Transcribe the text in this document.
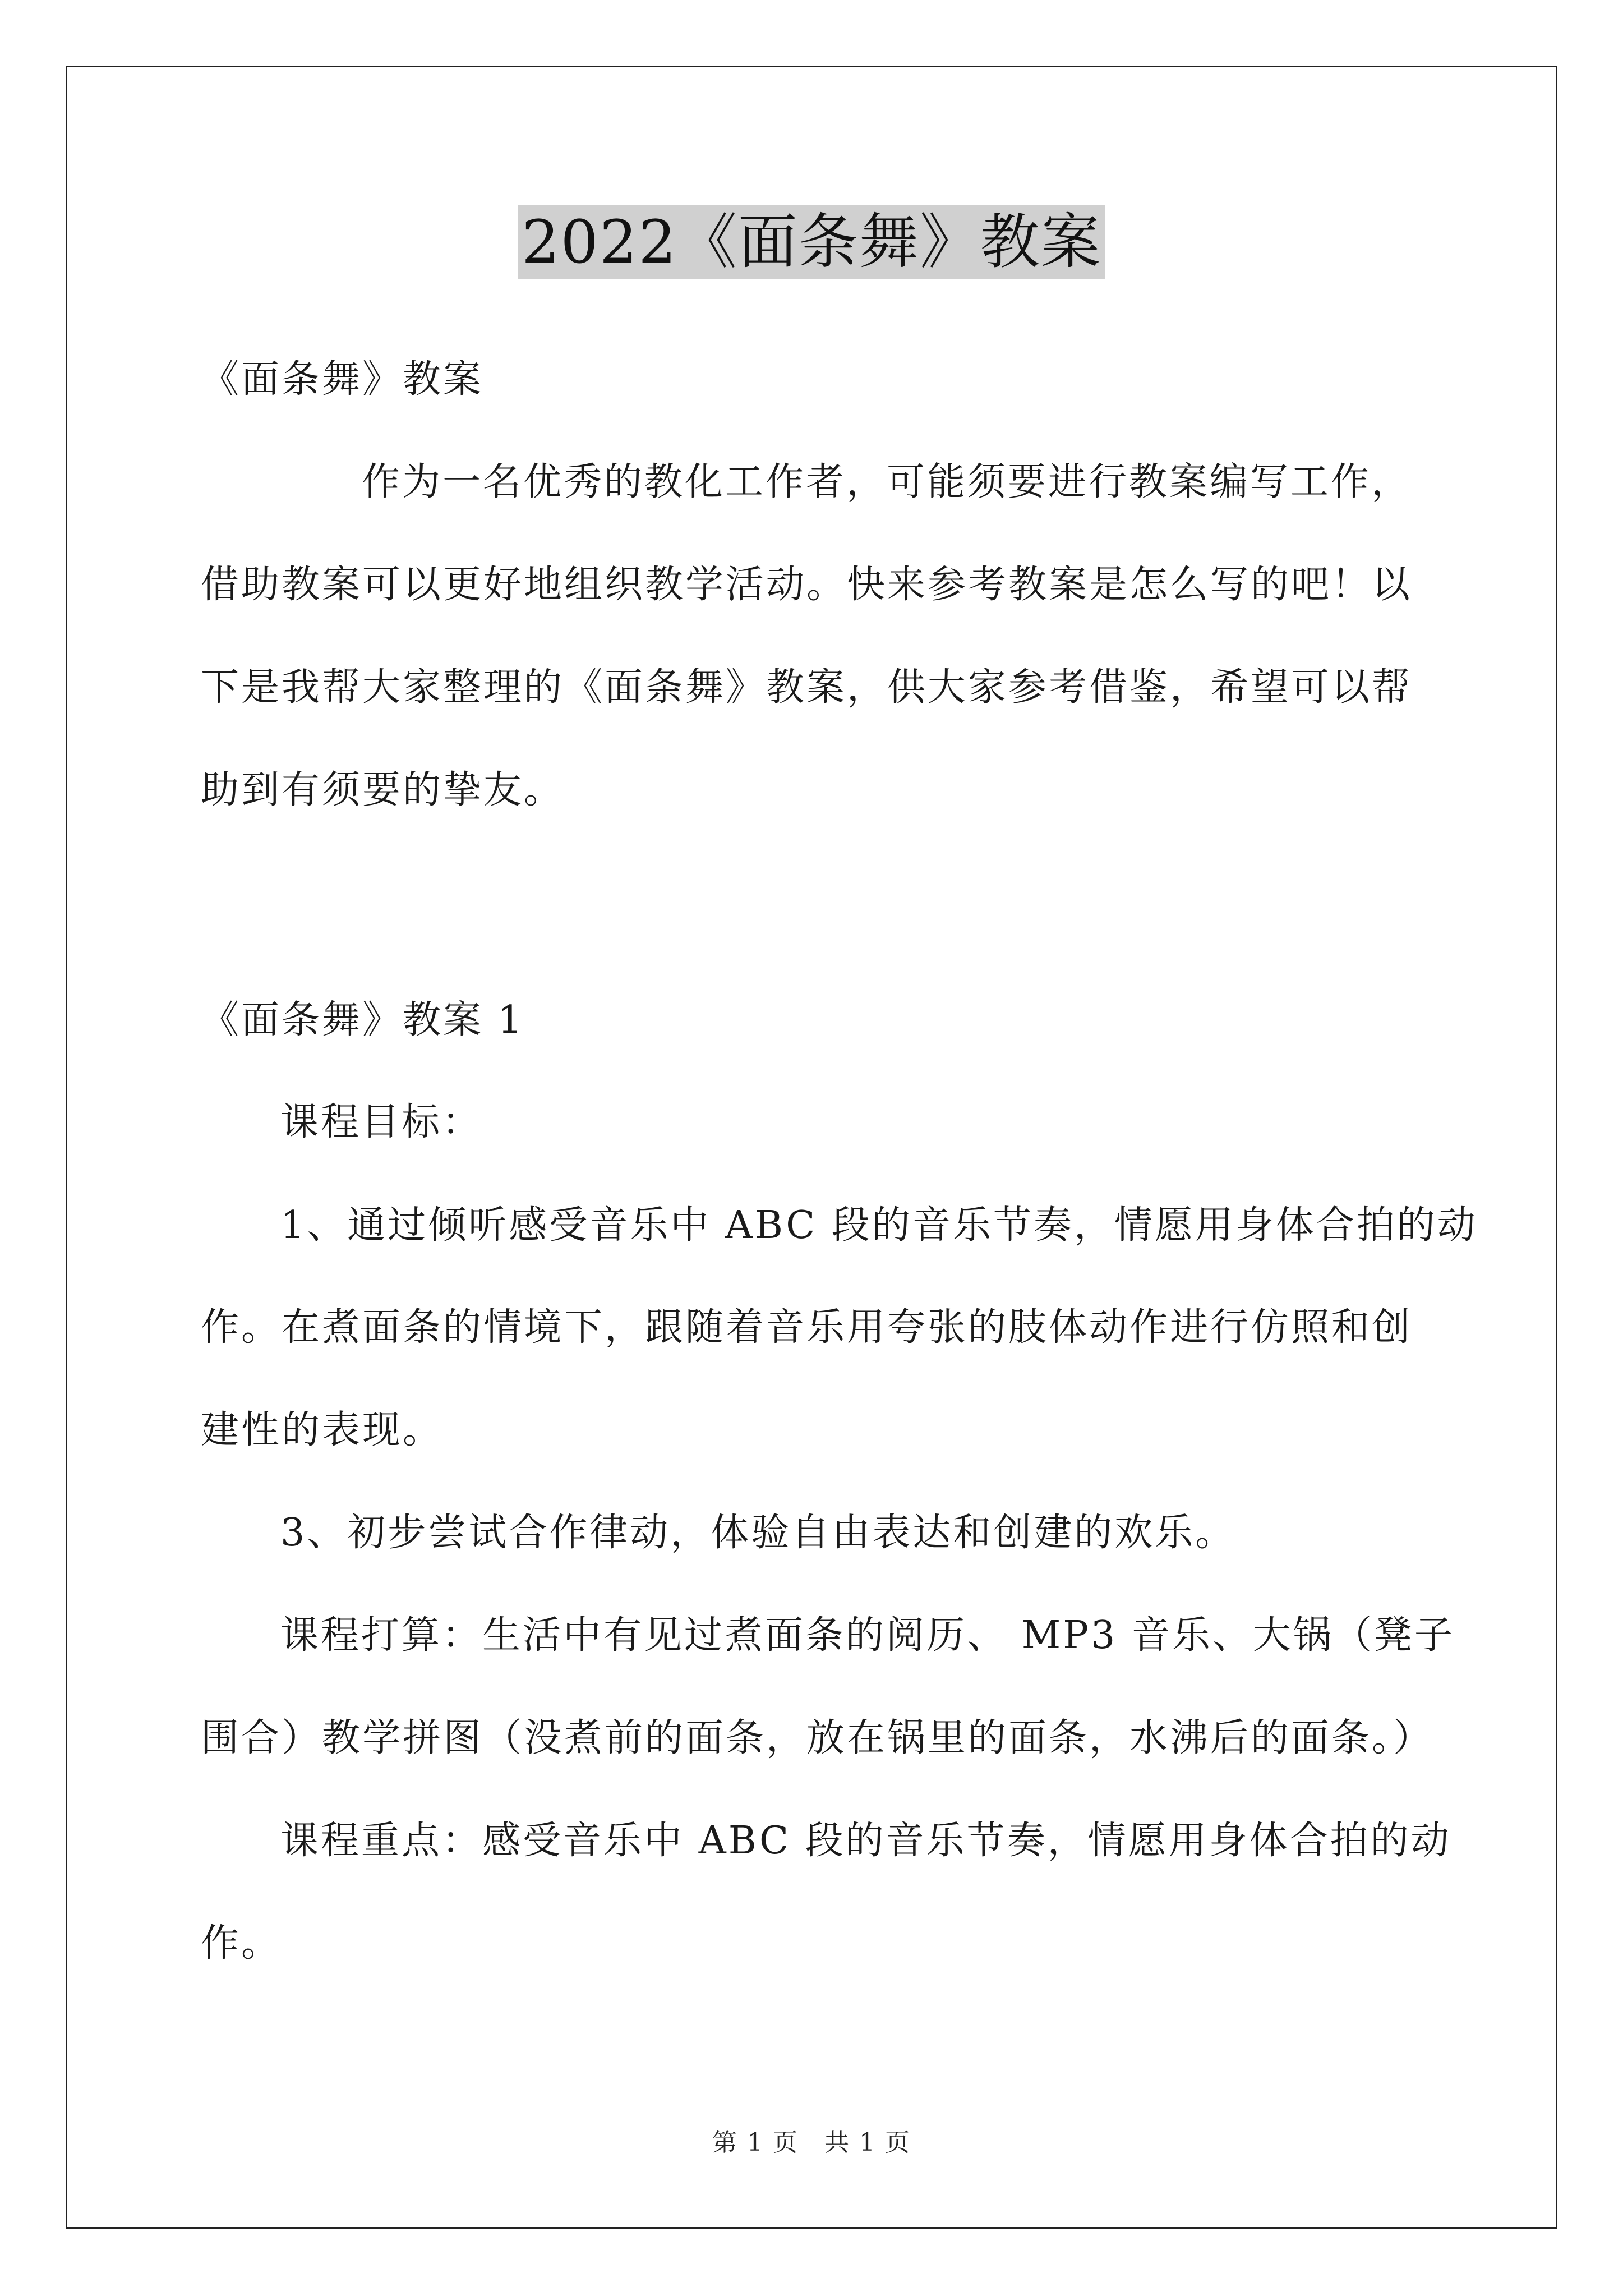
2022《面条舞》教案
《面条舞》教案
作为一名优秀的教化工作者，可能须要进行教案编写工作，
借助教案可以更好地组织教学活动。快来参考教案是怎么写的吧！以
下是我帮大家整理的《面条舞》教案，供大家参考借鉴，希望可以帮
助到有须要的挚友。
《面条舞》教案 1
课程目标：
1、通过倾听感受音乐中 ABC 段的音乐节奏，情愿用身体合拍的动
作。在煮面条的情境下，跟随着音乐用夸张的肢体动作进行仿照和创
建性的表现。
3、初步尝试合作律动，体验自由表达和创建的欢乐。
课程打算：生活中有见过煮面条的阅历、 MP3 音乐、大锅（凳子
围合）教学拼图（没煮前的面条，放在锅里的面条，水沸后的面条。）
课程重点：感受音乐中 ABC 段的音乐节奏，情愿用身体合拍的动
作。
第 1 页　共 1 页
